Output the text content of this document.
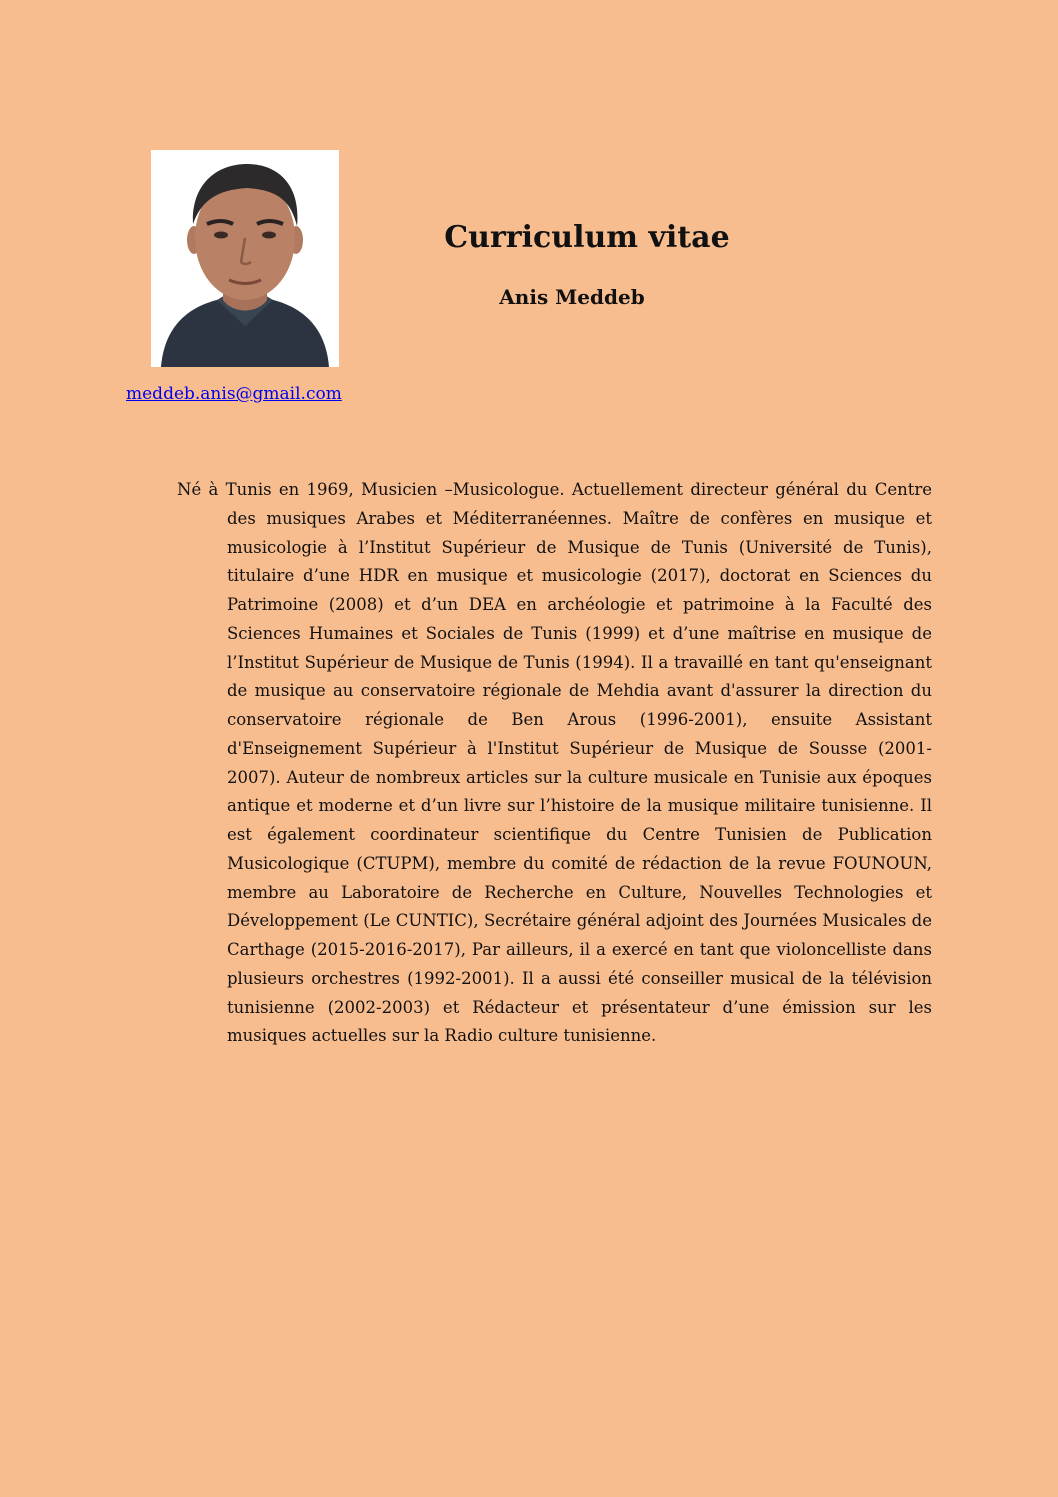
Curriculum vitae
Anis Meddeb
meddeb.anis@gmail.com

Né à Tunis en 1969, Musicien –Musicologue. Actuellement directeur général du Centre des musiques Arabes et Méditerranéennes. Maître de confères en musique et musicologie à l’Institut Supérieur de Musique de Tunis (Université de Tunis), titulaire d’une HDR en musique et musicologie (2017), doctorat en Sciences du Patrimoine (2008) et d’un DEA en archéologie et patrimoine à la Faculté des Sciences Humaines et Sociales de Tunis (1999) et d’une maîtrise en musique de l’Institut Supérieur de Musique de Tunis (1994). Il a travaillé en tant qu'enseignant de musique au conservatoire régionale de Mehdia avant d'assurer la direction du conservatoire régionale de Ben Arous (1996-2001), ensuite Assistant d'Enseignement Supérieur à l'Institut Supérieur de Musique de Sousse (2001-2007). Auteur de nombreux articles sur la culture musicale en Tunisie aux époques antique et moderne et d’un livre sur l’histoire de la musique militaire tunisienne. Il est également coordinateur scientifique du Centre Tunisien de Publication Musicologique (CTUPM), membre du comité de rédaction de la revue FOUNOUN, membre au Laboratoire de Recherche en Culture, Nouvelles Technologies et Développement (Le CUNTIC), Secrétaire général adjoint des Journées Musicales de Carthage (2015-2016-2017), Par ailleurs, il a exercé en tant que violoncelliste dans plusieurs orchestres (1992-2001). Il a aussi été conseiller musical de la télévision tunisienne (2002-2003) et Rédacteur et présentateur d’une émission sur les musiques actuelles sur la Radio culture tunisienne.
